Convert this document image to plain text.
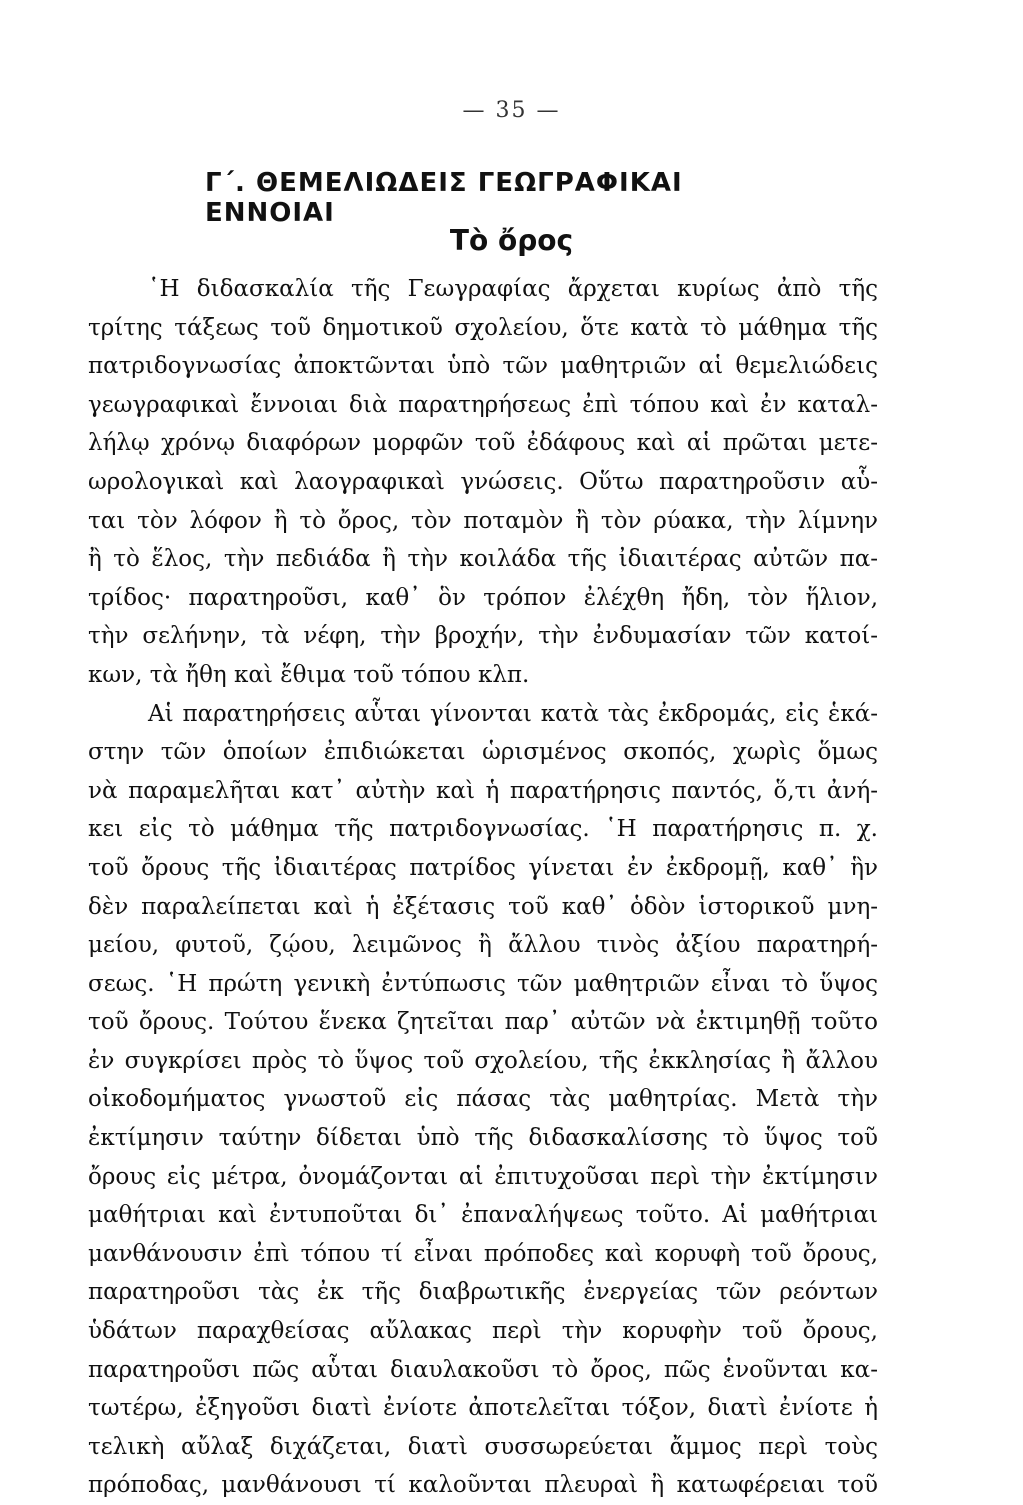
— 35 —
Γ΄. ΘΕΜΕΛΙΩΔΕΙΣ ΓΕΩΓΡΑΦΙΚΑΙ ΕΝΝΟΙΑΙ
Τὸ ὄρος
῾Η διδασκαλία τῆς Γεωγραφίας ἄρχεται κυρίως ἀπὸ τῆς
τρίτης τάξεως τοῦ δημοτικοῦ σχολείου, ὅτε κατὰ τὸ μάθημα τῆς
πατριδογνωσίας ἀποκτῶνται ὑπὸ τῶν μαθητριῶν αἱ θεμελιώδεις
γεωγραφικαὶ ἔννοιαι διὰ παρατηρήσεως ἐπὶ τόπου καὶ ἐν καταλ-
λήλῳ χρόνῳ διαφόρων μορφῶν τοῦ ἐδάφους καὶ αἱ πρῶται μετε-
ωρολογικαὶ καὶ λαογραφικαὶ γνώσεις. Οὕτω παρατηροῦσιν αὗ-
ται τὸν λόφον ἢ τὸ ὄρος, τὸν ποταμὸν ἢ τὸν ρύακα, τὴν λίμνην
ἢ τὸ ἕλος, τὴν πεδιάδα ἢ τὴν κοιλάδα τῆς ἰδιαιτέρας αὐτῶν πα-
τρίδος· παρατηροῦσι, καθ᾽ ὃν τρόπον ἐλέχθη ἤδη, τὸν ἥλιον,
τὴν σελήνην, τὰ νέφη, τὴν βροχήν, τὴν ἐνδυμασίαν τῶν κατοί-
κων, τὰ ἤθη καὶ ἔθιμα τοῦ τόπου κλπ.
Αἱ παρατηρήσεις αὗται γίνονται κατὰ τὰς ἐκδρομάς, εἰς ἑκά-
στην τῶν ὁποίων ἐπιδιώκεται ὡρισμένος σκοπός, χωρὶς ὅμως
νὰ παραμελῆται κατ᾽ αὐτὴν καὶ ἡ παρατήρησις παντός, ὅ,τι ἀνή-
κει εἰς τὸ μάθημα τῆς πατριδογνωσίας. ῾Η παρατήρησις π. χ.
τοῦ ὄρους τῆς ἰδιαιτέρας πατρίδος γίνεται ἐν ἐκδρομῇ, καθ᾽ ἣν
δὲν παραλείπεται καὶ ἡ ἐξέτασις τοῦ καθ᾽ ὁδὸν ἱστορικοῦ μνη-
μείου, φυτοῦ, ζῴου, λειμῶνος ἢ ἄλλου τινὸς ἀξίου παρατηρή-
σεως. ῾Η πρώτη γενικὴ ἐντύπωσις τῶν μαθητριῶν εἶναι τὸ ὕψος
τοῦ ὄρους. Τούτου ἕνεκα ζητεῖται παρ᾽ αὐτῶν νὰ ἐκτιμηθῇ τοῦτο
ἐν συγκρίσει πρὸς τὸ ὕψος τοῦ σχολείου, τῆς ἐκκλησίας ἢ ἄλλου
οἰκοδομήματος γνωστοῦ εἰς πάσας τὰς μαθητρίας. Μετὰ τὴν
ἐκτίμησιν ταύτην δίδεται ὑπὸ τῆς διδασκαλίσσης τὸ ὕψος τοῦ
ὄρους εἰς μέτρα, ὀνομάζονται αἱ ἐπιτυχοῦσαι περὶ τὴν ἐκτίμησιν
μαθήτριαι καὶ ἐντυποῦται δι᾽ ἐπαναλήψεως τοῦτο. Αἱ μαθήτριαι
μανθάνουσιν ἐπὶ τόπου τί εἶναι πρόποδες καὶ κορυφὴ τοῦ ὄρους,
παρατηροῦσι τὰς ἐκ τῆς διαβρωτικῆς ἐνεργείας τῶν ρεόντων
ὑδάτων παραχθείσας αὔλακας περὶ τὴν κορυφὴν τοῦ ὄρους,
παρατηροῦσι πῶς αὗται διαυλακοῦσι τὸ ὄρος, πῶς ἑνοῦνται κα-
τωτέρω, ἐξηγοῦσι διατὶ ἐνίοτε ἀποτελεῖται τόξον, διατὶ ἐνίοτε ἡ
τελικὴ αὔλαξ διχάζεται, διατὶ συσσωρεύεται ἄμμος περὶ τοὺς
πρόποδας, μανθάνουσι τί καλοῦνται πλευραὶ ἢ κατωφέρειαι τοῦ
